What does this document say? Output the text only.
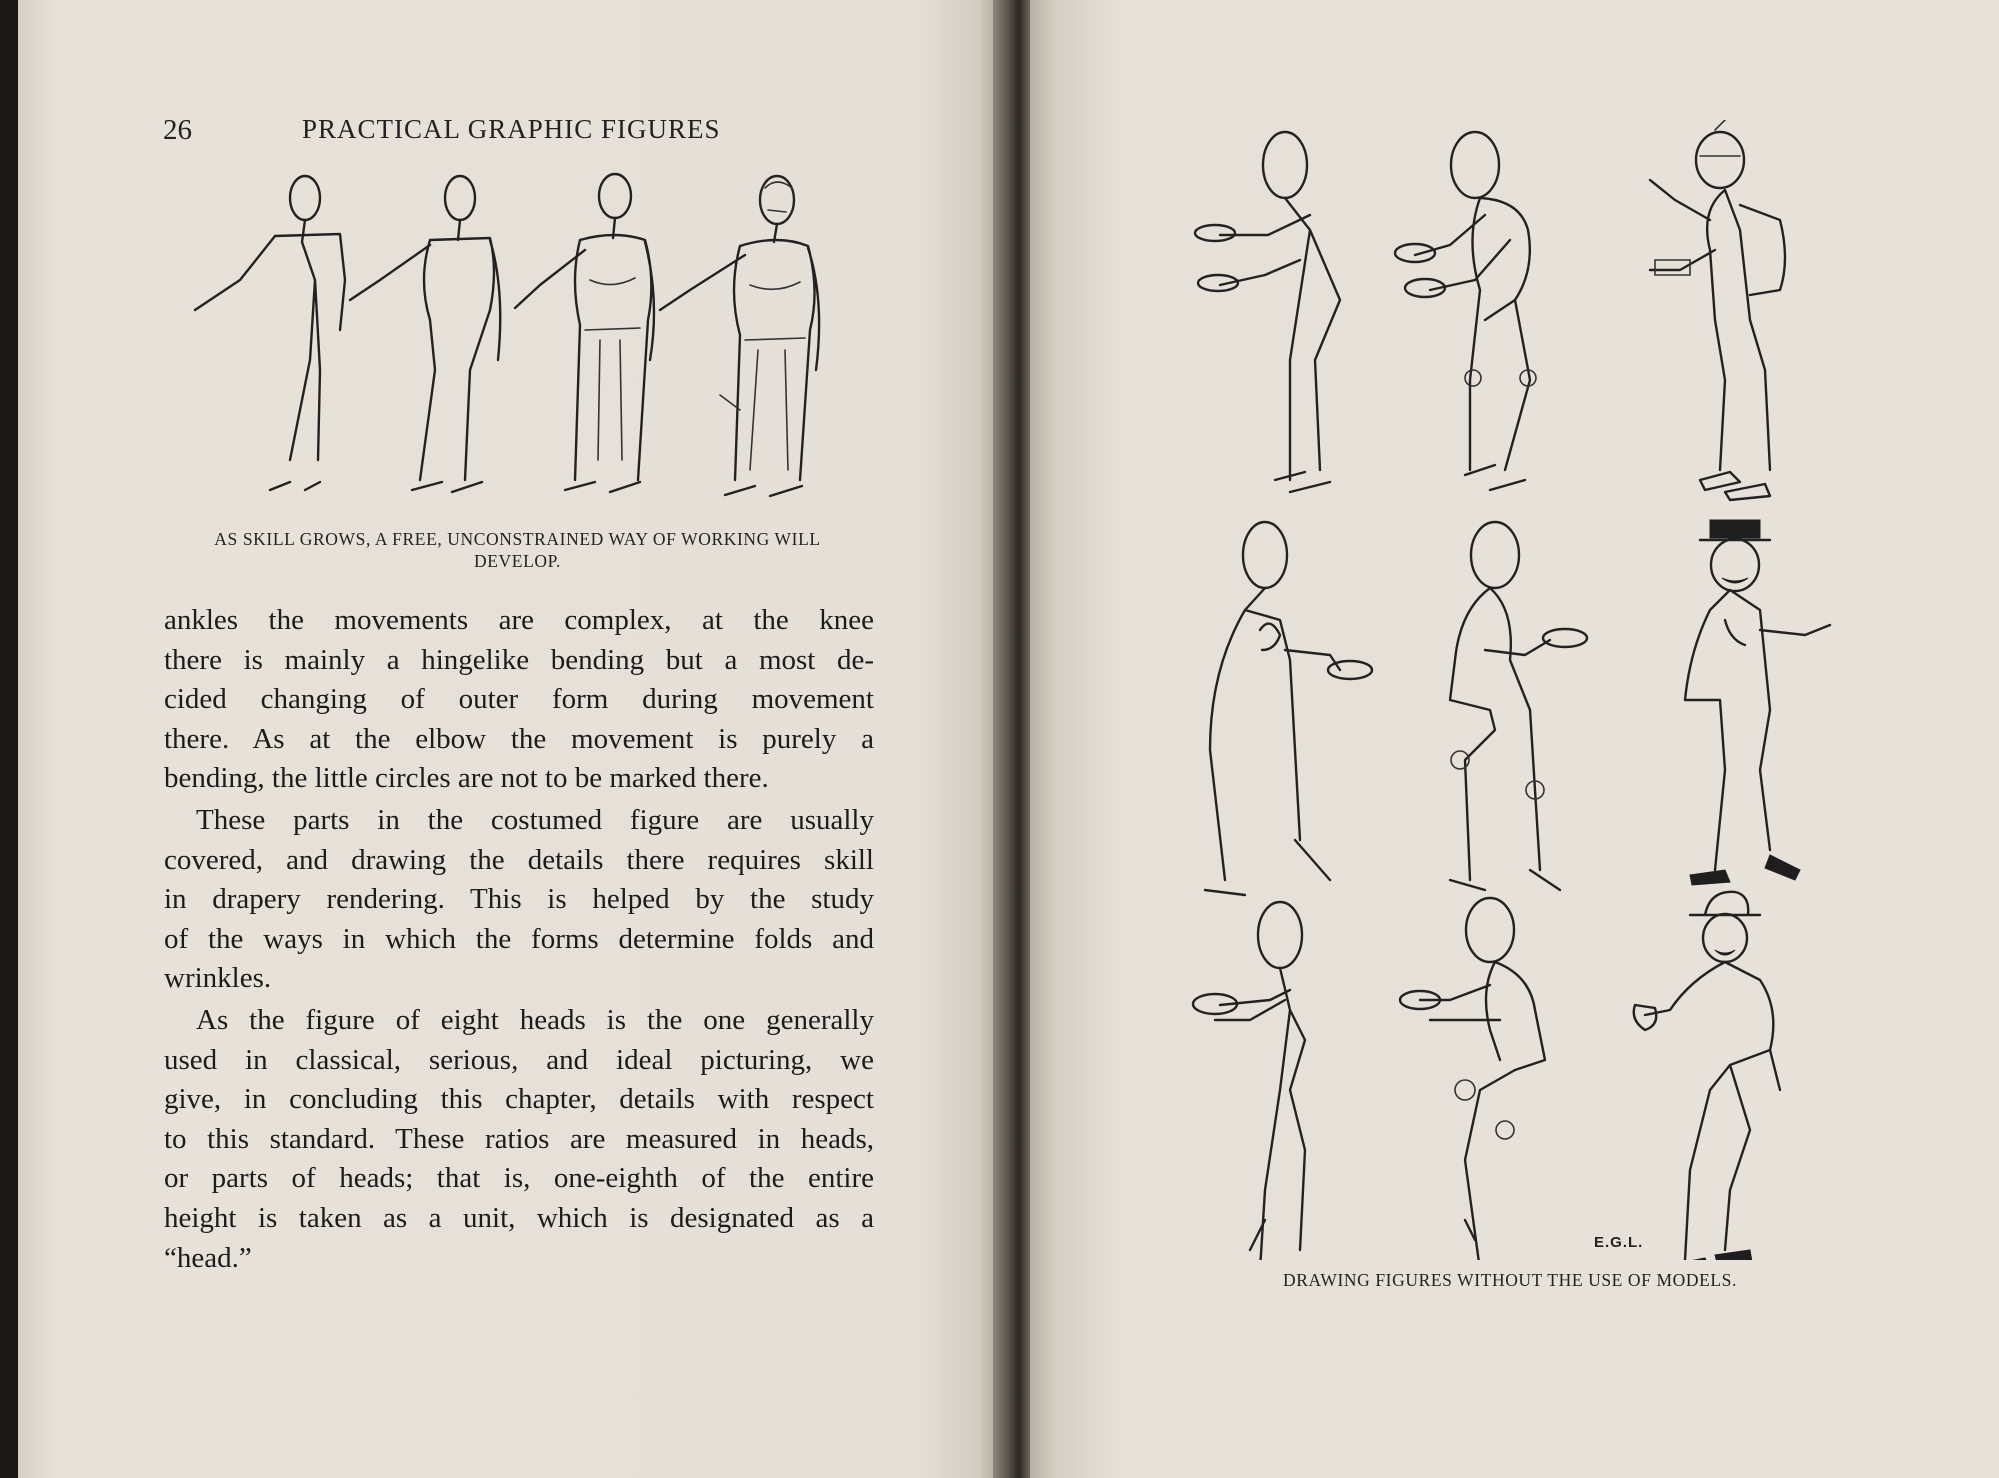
26	PRACTICAL GRAPHIC FIGURES
AS SKILL GROWS, A FREE, UNCONSTRAINED WAY OF WORKING WILL
DEVELOP.

ankles the movements are complex, at the knee
there is mainly a hingelike bending but a most de-
cided changing of outer form during movement
there. As at the elbow the movement is purely a
bending, the little circles are not to be marked there.

These parts in the costumed figure are usually
covered, and drawing the details there requires skill
in drapery rendering. This is helped by the study
of the ways in which the forms determine folds and
wrinkles.

As the figure of eight heads is the one generally
used in classical, serious, and ideal picturing, we
give, in concluding this chapter, details with respect
to this standard. These ratios are measured in heads,
or parts of heads; that is, one-eighth of the entire
height is taken as a unit, which is designated as a
“head.”	E.G.L.
DRAWING FIGURES WITHOUT THE USE OF MODELS.
